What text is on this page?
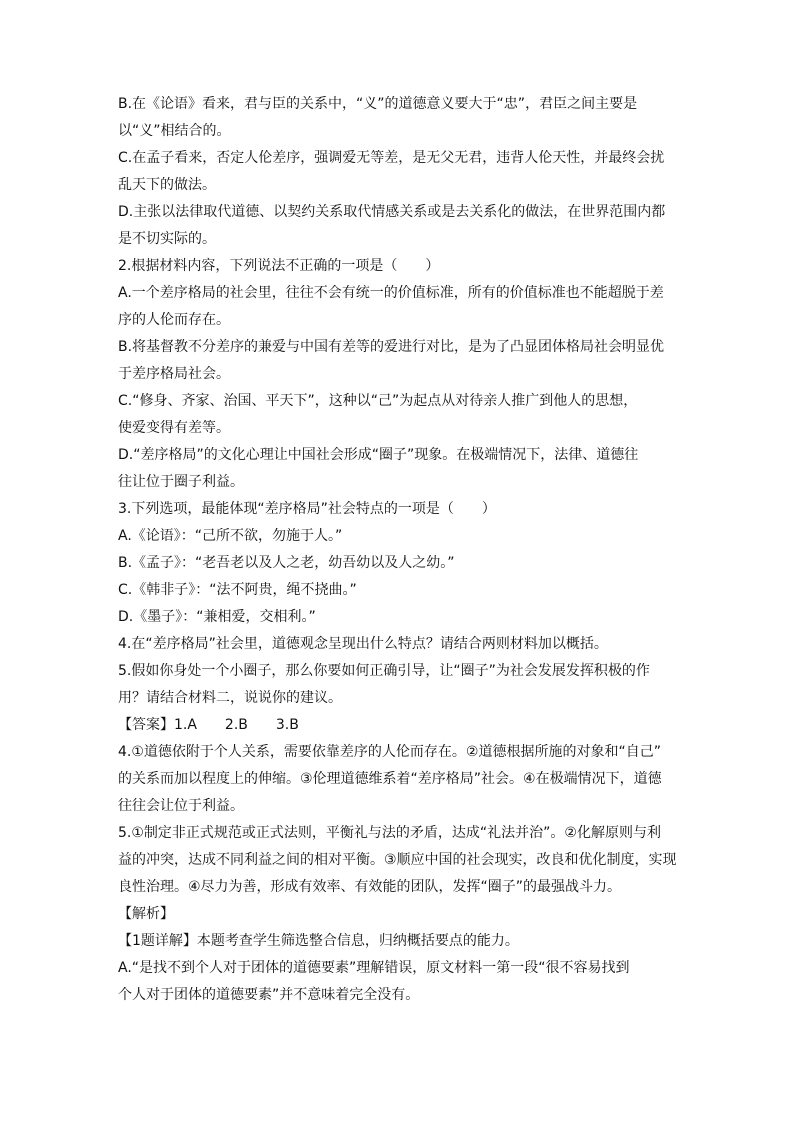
B.在《论语》看来，君与臣的关系中，“义”的道德意义要大于“忠”，君臣之间主要是
以“义”相结合的。
C.在孟子看来，否定人伦差序，强调爱无等差，是无父无君，违背人伦天性，并最终会扰
乱天下的做法。
D.主张以法律取代道德、以契约关系取代情感关系或是去关系化的做法，在世界范围内都
是不切实际的。
2.根据材料内容，下列说法不正确的一项是（　　）
A.一个差序格局的社会里，往往不会有统一的价值标准，所有的价值标准也不能超脱于差
序的人伦而存在。
B.将基督教不分差序的兼爱与中国有差等的爱进行对比，是为了凸显团体格局社会明显优
于差序格局社会。
C.“修身、齐家、治国、平天下”，这种以“己”为起点从对待亲人推广到他人的思想，
使爱变得有差等。
D.“差序格局”的文化心理让中国社会形成“圈子”现象。在极端情况下，法律、道德往
往让位于圈子利益。
3.下列选项，最能体现“差序格局”社会特点的一项是（　　）
A.《论语》：“己所不欲，勿施于人。”
B.《孟子》：“老吾老以及人之老，幼吾幼以及人之幼。”
C.《韩非子》：“法不阿贵，绳不挠曲。”
D.《墨子》：“兼相爱，交相利。”
4.在“差序格局”社会里，道德观念呈现出什么特点？请结合两则材料加以概括。
5.假如你身处一个小圈子，那么你要如何正确引导，让“圈子”为社会发展发挥积极的作
用？请结合材料二，说说你的建议。
【答案】1.A　　2.B　　3.B
4.①道德依附于个人关系，需要依靠差序的人伦而存在。②道德根据所施的对象和“自己”
的关系而加以程度上的伸缩。③伦理道德维系着“差序格局”社会。④在极端情况下，道德
往往会让位于利益。
5.①制定非正式规范或正式法则，平衡礼与法的矛盾，达成“礼法并治”。②化解原则与利
益的冲突，达成不同利益之间的相对平衡。③顺应中国的社会现实，改良和优化制度，实现
良性治理。④尽力为善，形成有效率、有效能的团队，发挥“圈子”的最强战斗力。
【解析】
【1题详解】本题考查学生筛选整合信息，归纳概括要点的能力。
A.“是找不到个人对于团体的道德要素”理解错误，原文材料一第一段“很不容易找到
个人对于团体的道德要素”并不意味着完全没有。
